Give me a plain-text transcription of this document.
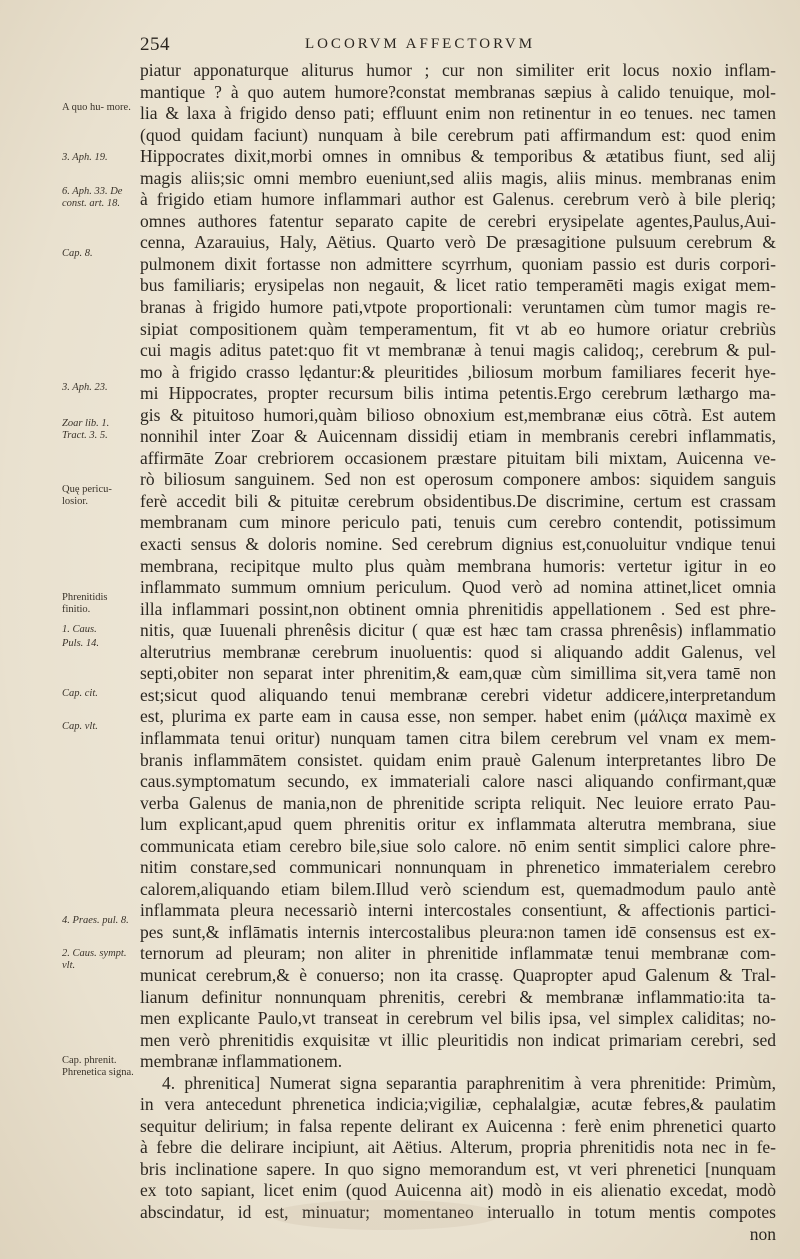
254	LOCORVM AFFECTORVM
A quo hu- more.
3. Aph. 19.
6. Aph. 33. De const. art. 18.
Cap. 8.
3. Aph. 23.
Zoar lib. 1. Tract. 3. 5.
Quę pericu- losior.
Phrenitidis finitio.
1. Caus.
Puls. 14.
Cap. cit.
Cap. vlt.
4. Praes. pul. 8.
2. Caus. sympt. vlt.
Cap. phrenit. Phrenetica signa.
piatur apponaturque aliturus humor ; cur non similiter erit locus noxio inflam-
mantique ? à quo autem humore?constat membranas sæpius à calido tenuique, mol-
lia & laxa à frigido denso pati; effluunt enim non retinentur in eo tenues. nec tamen
(quod quidam faciunt) nunquam à bile cerebrum pati affirmandum est: quod enim
Hippocrates dixit,morbi omnes in omnibus & temporibus & ætatibus fiunt, sed alij
magis aliis;sic omni membro eueniunt,sed aliis magis, aliis minus. membranas enim
à frigido etiam humore inflammari author est Galenus. cerebrum verò à bile pleriq;
omnes authores fatentur separato capite de cerebri erysipelate agentes,Paulus,Aui-
cenna, Azarauius, Haly, Aëtius. Quarto verò De præsagitione pulsuum cerebrum &
pulmonem dixit fortasse non admittere scyrrhum, quoniam passio est duris corpori-
bus familiaris; erysipelas non negauit, & licet ratio temperamēti magis exigat mem-
branas à frigido humore pati,vtpote proportionali: veruntamen cùm tumor magis re-
sipiat compositionem quàm temperamentum, fit vt ab eo humore oriatur crebriùs
cui magis aditus patet:quo fit vt membranæ à tenui magis calidoq;, cerebrum & pul-
mo à frigido crasso lędantur:& pleuritides ,biliosum morbum familiares fecerit hye-
mi Hippocrates, propter recursum bilis intima petentis.Ergo cerebrum læthargo ma-
gis & pituitoso humori,quàm bilioso obnoxium est,membranæ eius cōtrà. Est autem
nonnihil inter Zoar & Auicennam dissidij etiam in membranis cerebri inflammatis,
affirmāte Zoar crebriorem occasionem præstare pituitam bili mixtam, Auicenna ve-
rò biliosum sanguinem. Sed non est operosum componere ambos: siquidem sanguis
ferè accedit bili & pituitæ cerebrum obsidentibus.De discrimine, certum est crassam
membranam cum minore periculo pati, tenuis cum cerebro contendit, potissimum
exacti sensus & doloris nomine. Sed cerebrum dignius est,conuoluitur vndique tenui
membrana, recipitque multo plus quàm membrana humoris: vertetur igitur in eo
inflammato summum omnium periculum. Quod verò ad nomina attinet,licet omnia
illa inflammari possint,non obtinent omnia phrenitidis appellationem . Sed est phre-
nitis, quæ Iuuenali phrenêsis dicitur ( quæ est hæc tam crassa phrenêsis) inflammatio
alterutrius membranæ cerebrum inuoluentis: quod si aliquando addit Galenus, vel
septi,obiter non separat inter phrenitim,& eam,quæ cùm simillima sit,vera tamē non
est;sicut quod aliquando tenui membranæ cerebri videtur addicere,interpretandum
est, plurima ex parte eam in causa esse, non semper. habet enim (μάλιςα maximè ex
inflammata tenui oritur) nunquam tamen citra bilem cerebrum vel vnam ex mem-
branis inflammātem consistet. quidam enim prauè Galenum interpretantes libro De
caus.symptomatum secundo, ex immateriali calore nasci aliquando confirmant,quæ
verba Galenus de mania,non de phrenitide scripta reliquit. Nec leuiore errato Pau-
lum explicant,apud quem phrenitis oritur ex inflammata alterutra membrana, siue
communicata etiam cerebro bile,siue solo calore. nō enim sentit simplici calore phre-
nitim constare,sed communicari nonnunquam in phrenetico immaterialem cerebro
calorem,aliquando etiam bilem.Illud verò sciendum est, quemadmodum paulo antè
inflammata pleura necessariò interni intercostales consentiunt, & affectionis partici-
pes sunt,& inflāmatis internis intercostalibus pleura:non tamen idē consensus est ex-
ternorum ad pleuram; non aliter in phrenitide inflammatæ tenui membranæ com-
municat cerebrum,& è conuerso; non ita crassę. Quapropter apud Galenum & Tral-
lianum definitur nonnunquam phrenitis, cerebri & membranæ inflammatio:ita ta-
men explicante Paulo,vt transeat in cerebrum vel bilis ipsa, vel simplex caliditas; no-
men verò phrenitidis exquisitæ vt illic pleuritidis non indicat primariam cerebri, sed
membranæ inflammationem.
4. phrenitica] Numerat signa separantia paraphrenitim à vera phrenitide: Primùm,
in vera antecedunt phrenetica indicia;vigiliæ, cephalalgiæ, acutæ febres,& paulatim
sequitur delirium; in falsa repente delirant ex Auicenna : ferè enim phrenetici quarto
à febre die delirare incipiunt, ait Aëtius. Alterum, propria phrenitidis nota nec in fe-
bris inclinatione sapere. In quo signo memorandum est, vt veri phrenetici [nunquam
ex toto sapiant, licet enim (quod Auicenna ait) modò in eis alienatio excedat, modò
abscindatur, id est, minuatur; momentaneo interuallo in totum mentis compotes
non
